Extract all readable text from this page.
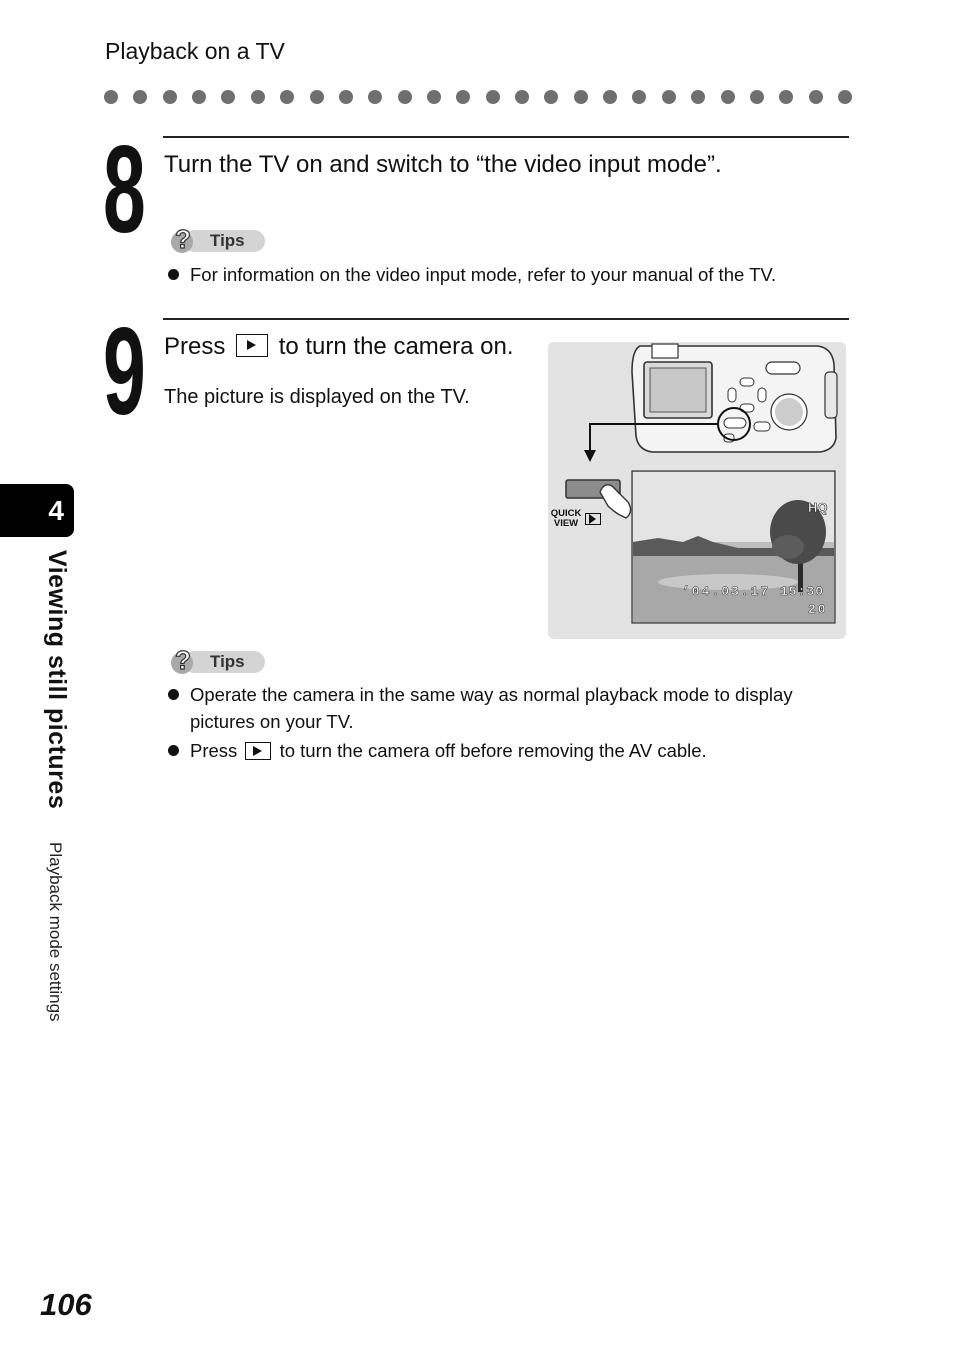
Playback on a TV
8 Turn the TV on and switch to “the video input mode”.
? Tips
For information on the video input mode, refer to your manual of the TV.
9 Press to turn the camera on.
The picture is displayed on the TV.
QUICK
VIEW
HQ
’04.03.17 15:30
20
? Tips
Operate the camera in the same way as normal playback mode to display
pictures on your TV.
Press to turn the camera off before removing the AV cable.
4
Viewing still pictures
Playback mode settings
106
